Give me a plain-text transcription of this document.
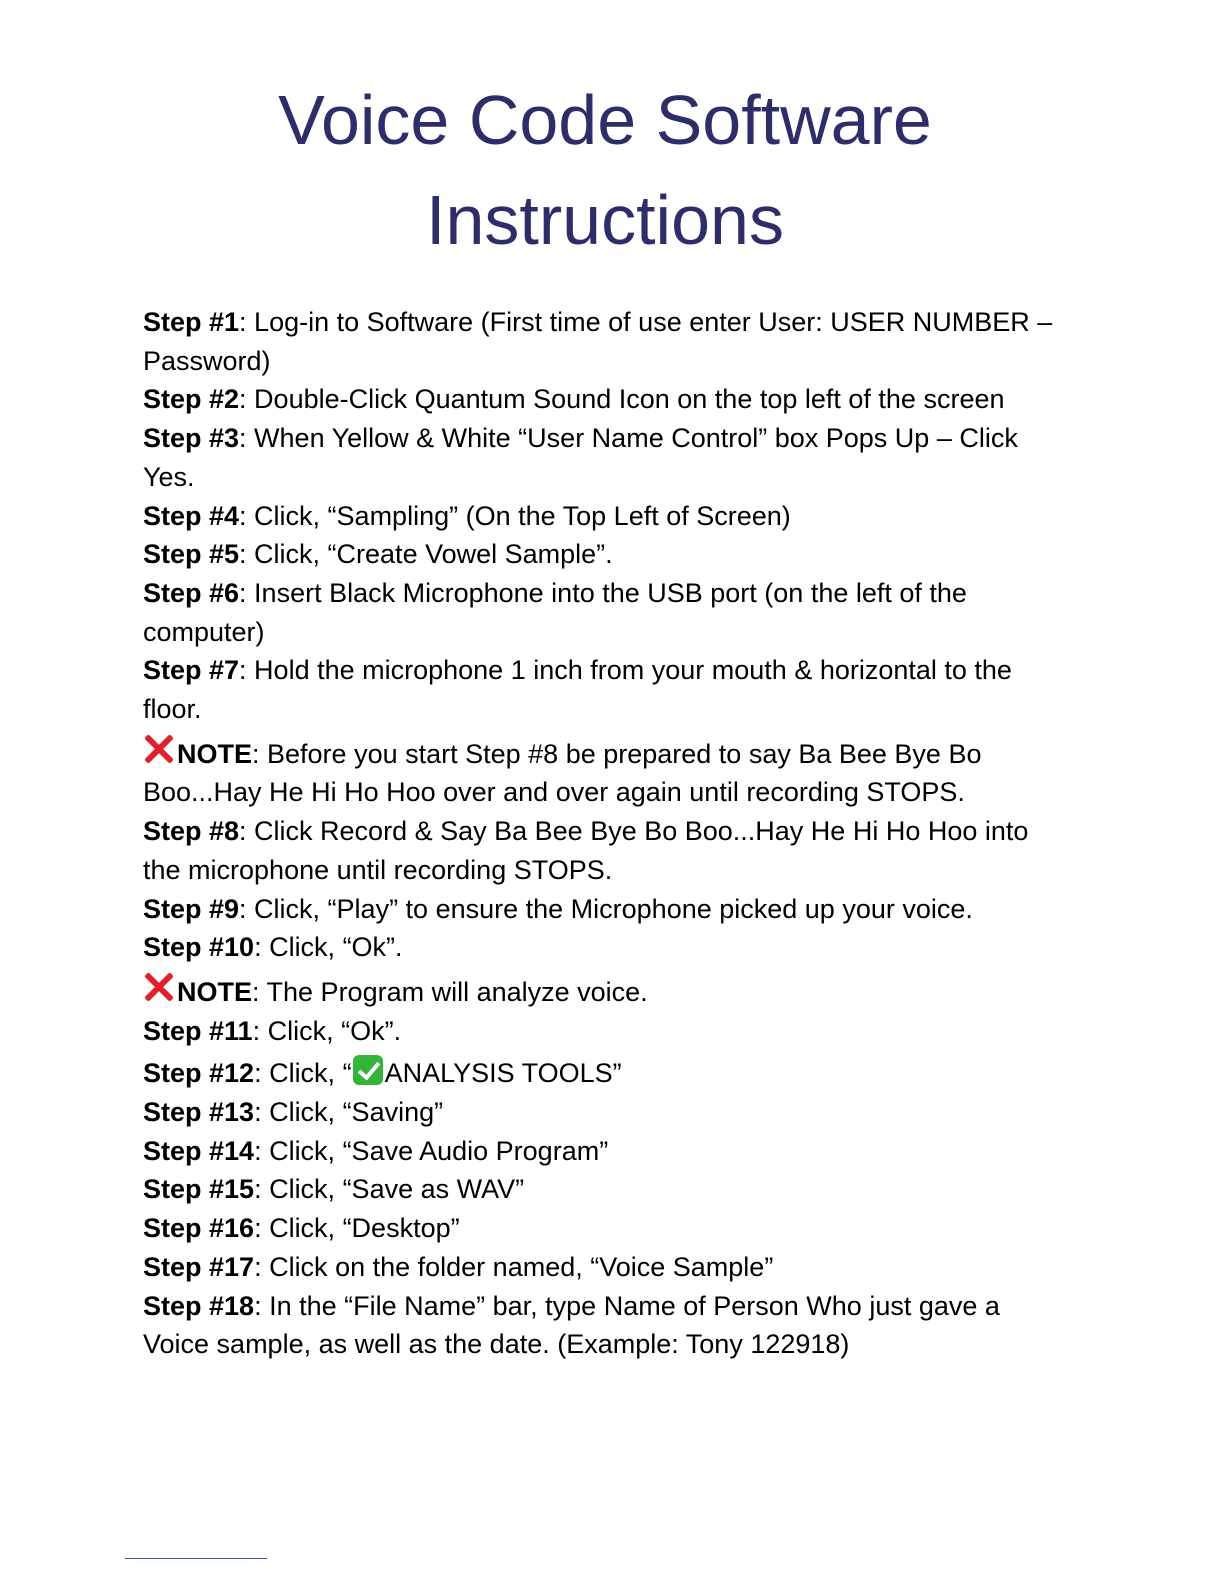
Voice Code Software
Instructions

Step #1: Log-in to Software (First time of use enter User: USER NUMBER – Password)

Step #2: Double-Click Quantum Sound Icon on the top left of the screen

Step #3: When Yellow & White “User Name Control” box Pops Up – Click Yes.

Step #4: Click, “Sampling” (On the Top Left of Screen)

Step #5: Click, “Create Vowel Sample”.

Step #6: Insert Black Microphone into the USB port (on the left of the computer)

Step #7: Hold the microphone 1 inch from your mouth & horizontal to the floor.

NOTE: Before you start Step #8 be prepared to say Ba Bee Bye Bo Boo...Hay He Hi Ho Hoo over and over again until recording STOPS.

Step #8: Click Record & Say Ba Bee Bye Bo Boo...Hay He Hi Ho Hoo into the microphone until recording STOPS.

Step #9: Click, “Play” to ensure the Microphone picked up your voice.

Step #10: Click, “Ok”.

NOTE: The Program will analyze voice.

Step #11: Click, “Ok”.

Step #12: Click, “ ANALYSIS TOOLS”

Step #13: Click, “Saving”

Step #14: Click, “Save Audio Program”

Step #15: Click, “Save as WAV”

Step #16: Click, “Desktop”

Step #17: Click on the folder named, “Voice Sample”

Step #18: In the “File Name” bar, type Name of Person Who just gave a Voice sample, as well as the date. (Example: Tony 122918)
